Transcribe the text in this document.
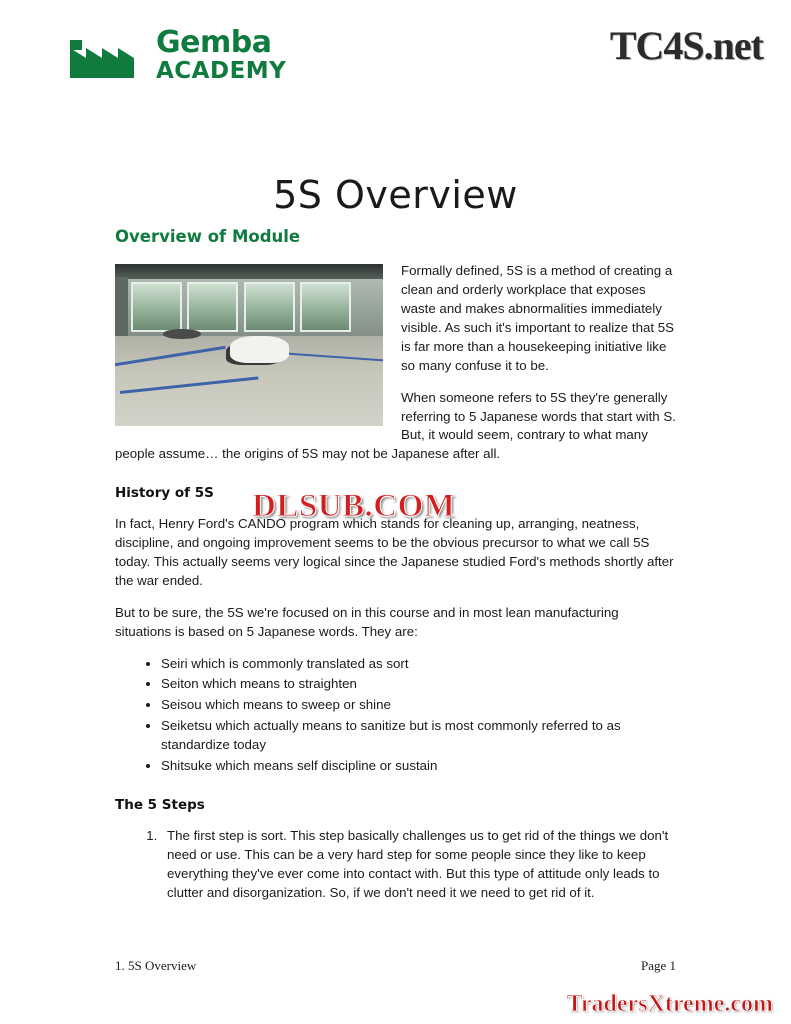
Gemba
ACADEMY
TC4S.net
5S Overview
Overview of Module

Formally defined, 5S is a method of creating a clean and orderly workplace that exposes waste and makes abnormalities immediately visible. As such it's important to realize that 5S is far more than a housekeeping initiative like so many confuse it to be.

When someone refers to 5S they're generally referring to 5 Japanese words that start with S. But, it would seem, contrary to what many people assume… the origins of 5S may not be Japanese after all.

History of 5S

In fact, Henry Ford's CANDO program which stands for cleaning up, arranging, neatness, discipline, and ongoing improvement seems to be the obvious precursor to what we call 5S today. This actually seems very logical since the Japanese studied Ford's methods shortly after the war ended.

But to be sure, the 5S we're focused on in this course and in most lean manufacturing situations is based on 5 Japanese words. They are:

• Seiri which is commonly translated as sort
• Seiton which means to straighten
• Seisou which means to sweep or shine
• Seiketsu which actually means to sanitize but is most commonly referred to as standardize today
• Shitsuke which means self discipline or sustain
The 5 Steps
1. The first step is sort. This step basically challenges us to get rid of the things we don't need or use. This can be a very hard step for some people since they like to keep everything they've ever come into contact with. But this type of attitude only leads to clutter and disorganization. So, if we don't need it we need to get rid of it.
DLSUB.COM
1. 5S Overview	Page 1
TradersXtreme.com
